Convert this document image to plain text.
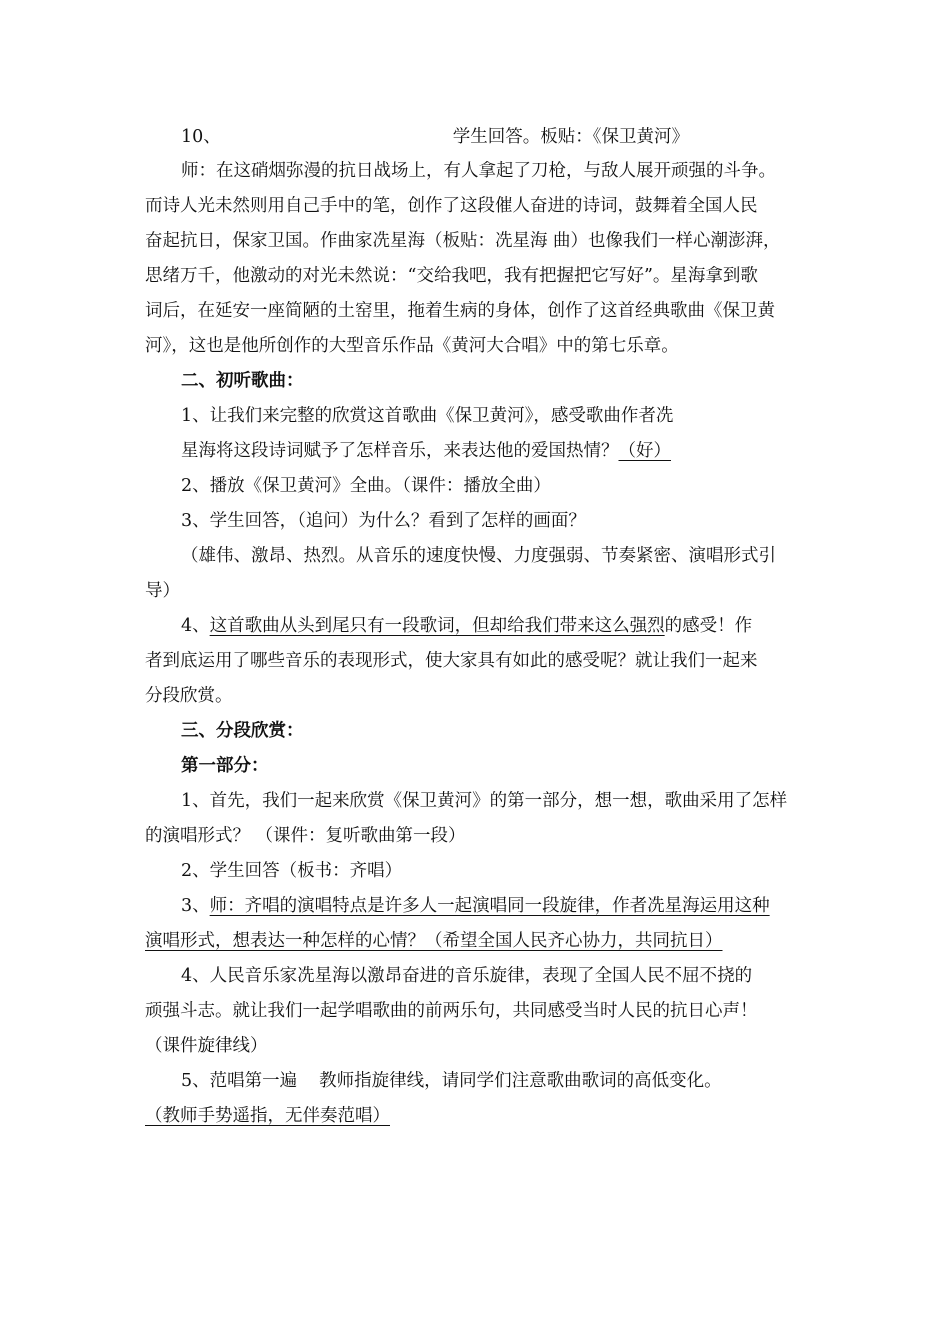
10、	学生回答。板贴：《保卫黄河》
师：在这硝烟弥漫的抗日战场上，有人拿起了刀枪，与敌人展开顽强的斗争。
而诗人光未然则用自己手中的笔，创作了这段催人奋进的诗词，鼓舞着全国人民
奋起抗日，保家卫国。作曲家冼星海（板贴：冼星海 曲）也像我们一样心潮澎湃，
思绪万千，他激动的对光未然说：“交给我吧，我有把握把它写好”。星海拿到歌
词后，在延安一座简陋的土窑里，拖着生病的身体，创作了这首经典歌曲《保卫黄
河》，这也是他所创作的大型音乐作品《黄河大合唱》中的第七乐章。
二、初听歌曲：
1、让我们来完整的欣赏这首歌曲《保卫黄河》，感受歌曲作者冼
星海将这段诗词赋予了怎样音乐，来表达他的爱国热情？（好）
2、播放《保卫黄河》全曲。（课件：播放全曲）
3、学生回答，（追问）为什么？看到了怎样的画面？
（雄伟、激昂、热烈。从音乐的速度快慢、力度强弱、节奏紧密、演唱形式引
导）
4、这首歌曲从头到尾只有一段歌词，但却给我们带来这么强烈的感受！作
者到底运用了哪些音乐的表现形式，使大家具有如此的感受呢？就让我们一起来
分段欣赏。
三、分段欣赏：
第一部分：
1、首先，我们一起来欣赏《保卫黄河》的第一部分，想一想，歌曲采用了怎样
的演唱形式？ （课件：复听歌曲第一段）
2、学生回答（板书：齐唱）
3、师：齐唱的演唱特点是许多人一起演唱同一段旋律，作者冼星海运用这种
演唱形式，想表达一种怎样的心情？（希望全国人民齐心协力，共同抗日）
4、人民音乐家冼星海以激昂奋进的音乐旋律，表现了全国人民不屈不挠的
顽强斗志。就让我们一起学唱歌曲的前两乐句，共同感受当时人民的抗日心声！
（课件旋律线）
5、范唱第一遍 教师指旋律线，请同学们注意歌曲歌词的高低变化。
（教师手势遥指，无伴奏范唱）
